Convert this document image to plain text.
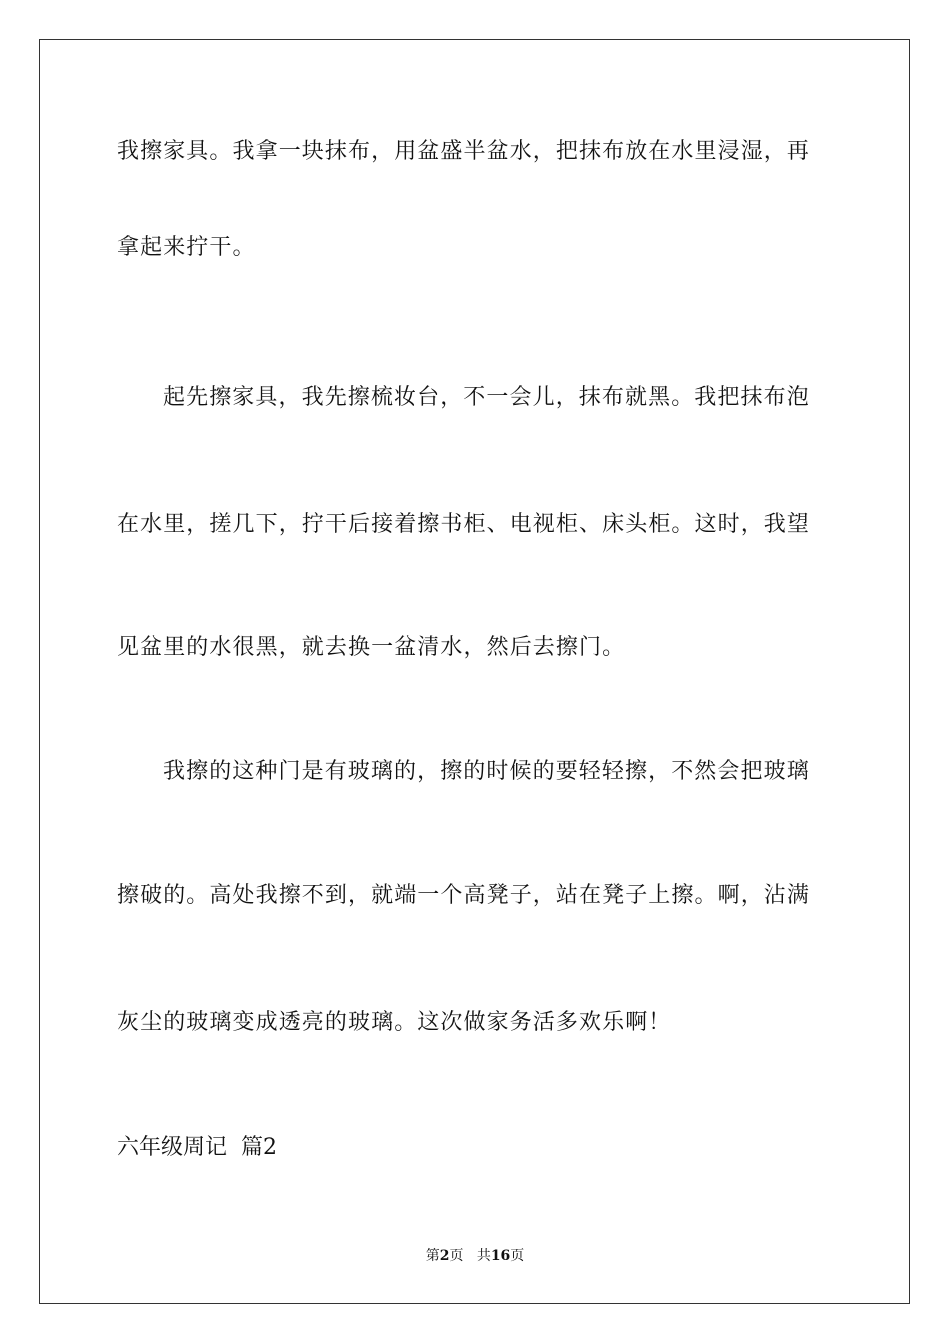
我擦家具。我拿一块抹布，用盆盛半盆水，把抹布放在水里浸湿，再
拿起来拧干。
起先擦家具，我先擦梳妆台，不一会儿，抹布就黑。我把抹布泡
在水里，搓几下，拧干后接着擦书柜、电视柜、床头柜。这时，我望
见盆里的水很黑，就去换一盆清水，然后去擦门。
我擦的这种门是有玻璃的，擦的时候的要轻轻擦，不然会把玻璃
擦破的。高处我擦不到，就端一个高凳子，站在凳子上擦。啊，沾满
灰尘的玻璃变成透亮的玻璃。这次做家务活多欢乐啊！
六年级周记  篇2
第2页 共16页
